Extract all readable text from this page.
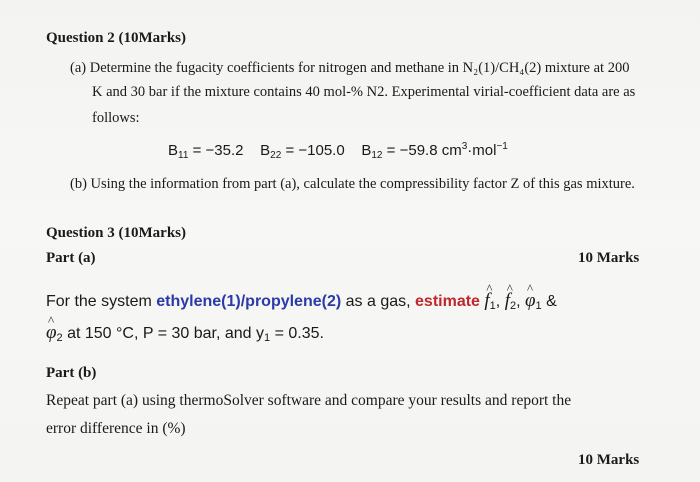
Question 2 (10Marks)
(a) Determine the fugacity coefficients for nitrogen and methane in N₂(1)/CH₄(2) mixture at 200
K and 30 bar if the mixture contains 40 mol-% N2. Experimental virial-coefficient data are as
follows:
$B_{11} = -35.2$ $B_{22} = -105.0$ $B_{12} = -59.8$ $cm^3\cdot mol^{-1}$
(b) Using the information from part (a), calculate the compressibility factor Z of this gas mixture.
Question 3 (10Marks)
Part (a)	10 Marks
For the system ethylene(1)/propylene(2) as a gas, estimate ^ $f_1$, ^ $f_2$, ^ $\varphi_1$ &
^ $\varphi_2$ at 150 °C, P = 30 bar, and $y_1 = 0.35$.
Part (b)
Repeat part (a) using thermoSolver software and compare your results and report the
error difference in (%)
10 Marks
